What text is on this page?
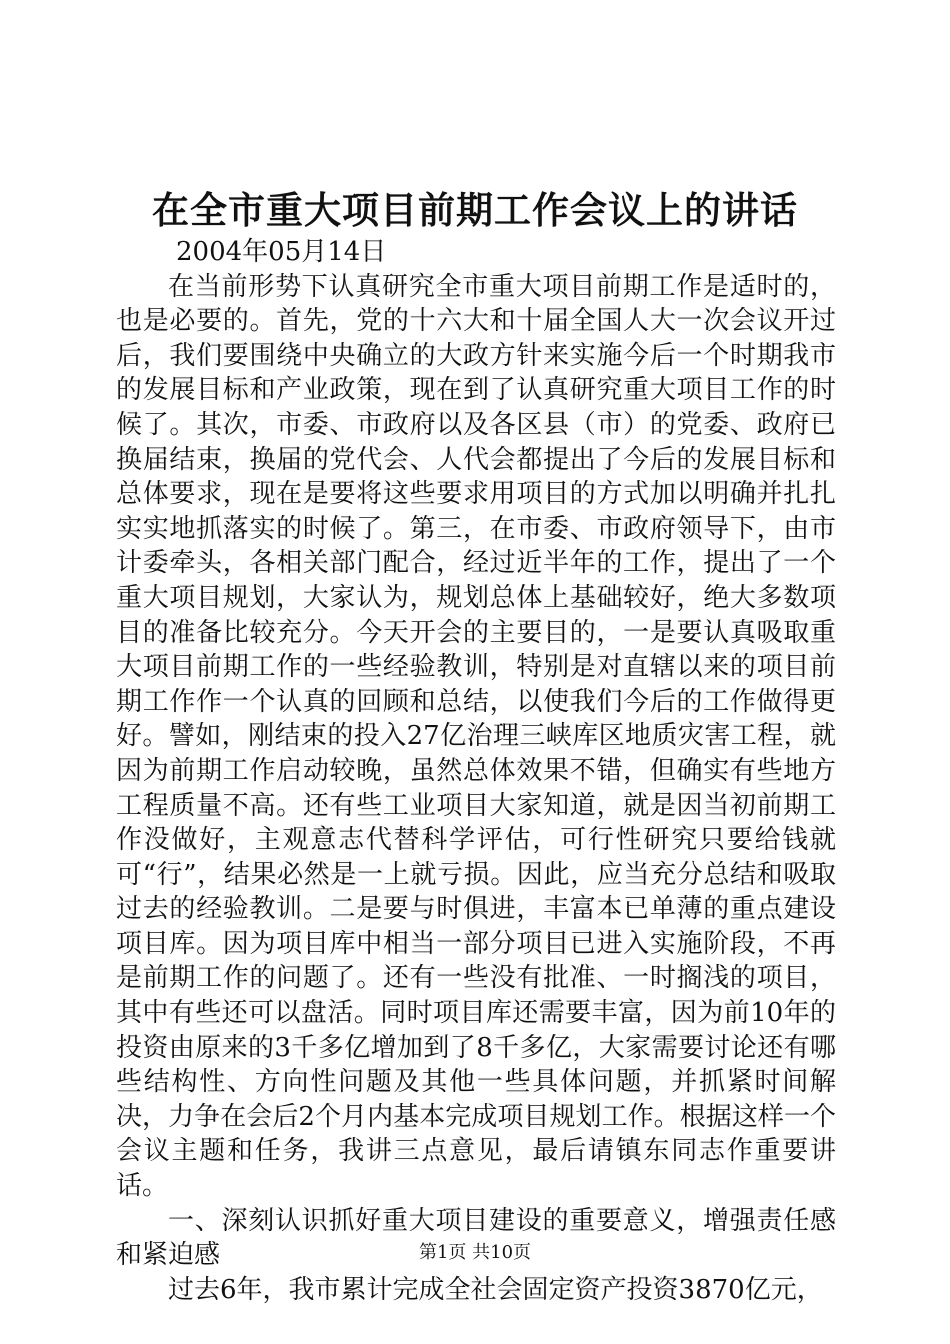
在全市重大项目前期工作会议上的讲话

2004年05月14日

在当前形势下认真研究全市重大项目前期工作是适时的，也是必要的。首先，党的十六大和十届全国人大一次会议开过后，我们要围绕中央确立的大政方针来实施今后一个时期我市的发展目标和产业政策，现在到了认真研究重大项目工作的时候了。其次，市委、市政府以及各区县（市）的党委、政府已换届结束，换届的党代会、人代会都提出了今后的发展目标和总体要求，现在是要将这些要求用项目的方式加以明确并扎扎实实地抓落实的时候了。第三，在市委、市政府领导下，由市计委牵头，各相关部门配合，经过近半年的工作，提出了一个重大项目规划，大家认为，规划总体上基础较好，绝大多数项目的准备比较充分。今天开会的主要目的，一是要认真吸取重大项目前期工作的一些经验教训，特别是对直辖以来的项目前期工作作一个认真的回顾和总结，以使我们今后的工作做得更好。譬如，刚结束的投入27亿治理三峡库区地质灾害工程，就因为前期工作启动较晚，虽然总体效果不错，但确实有些地方工程质量不高。还有些工业项目大家知道，就是因当初前期工作没做好，主观意志代替科学评估，可行性研究只要给钱就可“行”，结果必然是一上就亏损。因此，应当充分总结和吸取过去的经验教训。二是要与时俱进，丰富本已单薄的重点建设项目库。因为项目库中相当一部分项目已进入实施阶段，不再是前期工作的问题了。还有一些没有批准、一时搁浅的项目，其中有些还可以盘活。同时项目库还需要丰富，因为前10年的投资由原来的3千多亿增加到了8千多亿，大家需要讨论还有哪些结构性、方向性问题及其他一些具体问题，并抓紧时间解决，力争在会后2个月内基本完成项目规划工作。根据这样一个会议主题和任务，我讲三点意见，最后请镇东同志作重要讲话。

一、深刻认识抓好重大项目建设的重要意义，增强责任感和紧迫感

过去6年，我市累计完成全社会固定资产投资3870亿元，

第1页 共10页
